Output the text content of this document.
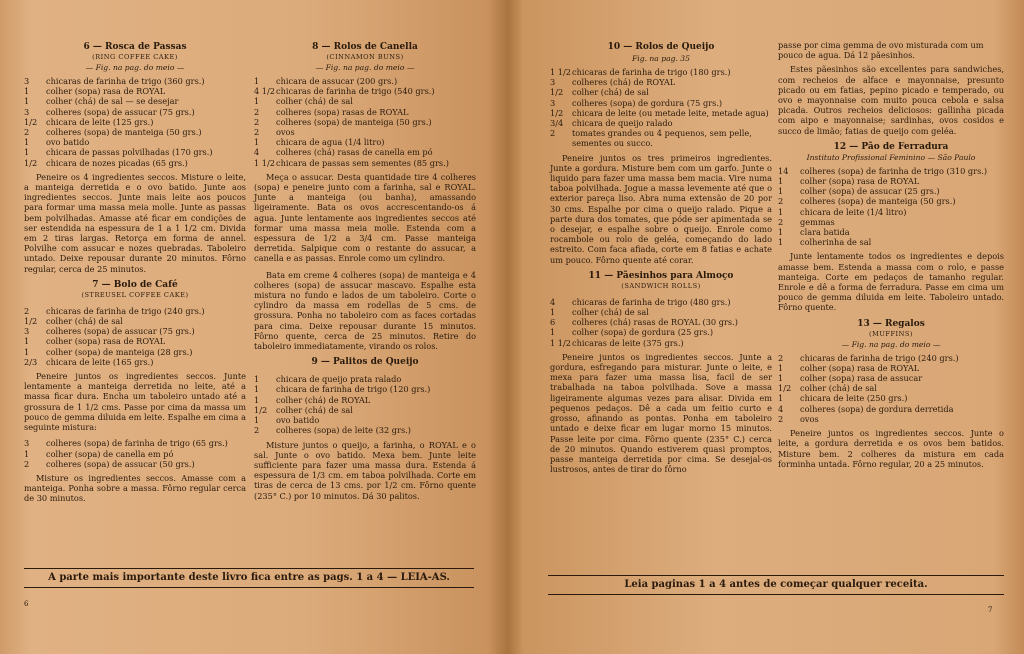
6 — Rosca de Passas
(RING COFFEE CAKE)
— Fig. na pag. do meio —
3	chicaras de farinha de trigo (360 grs.)
1	colher (sopa) rasa de ROYAL
1	colher (chá) de sal — se desejar
3	colheres (sopa) de assucar (75 grs.)
1/2	chicara de leite (125 grs.)
2	colheres (sopa) de manteiga (50 grs.)
1	ovo batido
1	chicara de passas polvilhadas (170 grs.)
1/2	chicara de nozes picadas (65 grs.)
Peneire os 4 ingredientes seccos. Misture o leite, a manteiga derretida e o ovo batido. Junte aos ingredientes seccos. Junte mais leite aos poucos para formar uma massa meia molle. Junte as passas bem polvilhadas. Amasse até ficar em condições de ser estendida na espessura de 1 a 1 1/2 cm. Divida em 2 tiras largas. Retorça em forma de annel. Polvilhe com assucar e nozes quebradas. Taboleiro untado. Deixe repousar durante 20 minutos. Fôrno regular, cerca de 25 minutos.
7 — Bolo de Café
(STREUSEL COFFEE CAKE)
2	chicaras de farinha de trigo (240 grs.)
1/2	colher (chá) de sal
3	colheres (sopa) de assucar (75 grs.)
1	colher (sopa) rasa de ROYAL
1	colher (sopa) de manteiga (28 grs.)
2/3	chicara de leite (165 grs.)
Peneire juntos os ingredientes seccos. Junte lentamente a manteiga derretida no leite, até a massa ficar dura. Encha um taboleiro untado até a grossura de 1 1/2 cms. Passe por cima da massa um pouco de gemma diluida em leite. Espalhe em cima a seguinte mistura:
3	colheres (sopa) de farinha de trigo (65 grs.)
1	colher (sopa) de canella em pó
2	colheres (sopa) de assucar (50 grs.)
Misture os ingredientes seccos. Amasse com a manteiga. Ponha sobre a massa. Fôrno regular cerca de 30 minutos.
8 — Rolos de Canella
(CINNAMON BUNS)
— Fig. na pag. do meio —
1	chicara de assucar (200 grs.)
4 1/2 chicaras de farinha de trigo (540 grs.)
1	colher (chá) de sal
2	colheres (sopa) rasas de ROYAL
2	colheres (sopa) de manteiga (50 grs.)
2	ovos
1	chicara de agua (1/4 litro)
4	colheres (chá) rasas de canella em pó
1 1/2 chicara de passas sem sementes (85 grs.)
Meça o assucar. Desta quantidade tire 4 colheres (sopa) e peneire junto com a farinha, sal e ROYAL. Junte a manteiga (ou banha), amassando ligeiramente. Bata os ovos accrescentando-os á agua. Junte lentamente aos ingredientes seccos até formar uma massa meia molle. Estenda com a espessura de 1/2 a 3/4 cm. Passe manteiga derretida. Salpique com o restante do assucar, a canella e as passas. Enrole como um cylindro.
Bata em creme 4 colheres (sopa) de manteiga e 4 colheres (sopa) de assucar mascavo. Espalhe esta mistura no fundo e lados de um taboleiro. Corte o cylindro da massa em rodellas de 5 cms. de grossura. Ponha no taboleiro com as faces cortadas para cima. Deixe repousar durante 15 minutos. Fôrno quente, cerca de 25 minutos. Retire do taboleiro immediatamente, virando os rolos.
9 — Palitos de Queijo
1	chicara de queijo prata ralado
1	chicara de farinha de trigo (120 grs.)
1	colher (chá) de ROYAL
1/2	colher (chá) de sal
1	ovo batido
2	colheres (sopa) de leite (32 grs.)
Misture juntos o queijo, a farinha, o ROYAL e o sal. Junte o ovo batido. Mexa bem. Junte leite sufficiente para fazer uma massa dura. Estenda á espessura de 1/3 cm. em taboa polvilhada. Corte em tiras de cerca de 13 cms. por 1/2 cm. Fôrno quente (235° C.) por 10 minutos. Dá 30 palitos.
A parte mais importante deste livro fica entre as pags. 1 a 4 — LEIA-AS.
6
10 — Rolos de Queijo
Fig. na pag. 35
1 1/2 chicaras de farinha de trigo (180 grs.)
3	colheres (chá) de ROYAL
1/2	colher (chá) de sal
3	colheres (sopa) de gordura (75 grs.)
1/2	chicara de leite (ou metade leite, metade agua)
3/4	chicara de queijo ralado
2	tomates grandes ou 4 pequenos, sem pelle, sementes ou succo.
Peneire juntos os tres primeiros ingredientes. Junte a gordura. Misture bem com um garfo. Junte o liquido para fazer uma massa bem macia. Vire numa taboa polvilhada. Jogue a massa levemente até que o exterior pareça liso. Abra numa extensão de 20 por 30 cms. Espalhe por cima o queijo ralado. Pique a parte dura dos tomates, que póde ser apimentada se o desejar, e espalhe sobre o queijo. Enrole como rocambole ou rolo de geléa, começando do lado estreito. Com faca afiada, corte em 8 fatias e achate um pouco. Fôrno quente até corar.
11 — Pãesinhos para Almoço
(SANDWICH ROLLS)
4	chicaras de farinha de trigo (480 grs.)
1	colher (chá) de sal
6	colheres (chá) rasas de ROYAL (30 grs.)
1	colher (sopa) de gordura (25 grs.)
1 1/2 chicaras de leite (375 grs.)
Peneire juntos os ingredientes seccos. Junte a gordura, esfregando para misturar. Junte o leite, e mexa para fazer uma massa lisa, facil de ser trabalhada na taboa polvilhada. Sove a massa ligeiramente algumas vezes para alisar. Divida em pequenos pedaços. Dê a cada um feitio curto e grosso, afinando as pontas. Ponha em taboleiro untado e deixe ficar em lugar morno 15 minutos. Passe leite por cima. Fôrno quente (235° C.) cerca de 20 minutos. Quando estiverem quasi promptos, passe manteiga derretida por cima. Se desejal-os lustrosos, antes de tirar do fôrno
passe por cima gemma de ovo misturada com um pouco de agua. Dá 12 pãesinhos.
Estes pãesinhos são excellentes para sandwiches, com recheios de alface e mayonnaise, presunto picado ou em fatias, pepino picado e temperado, ou ovo e mayonnaise com muito pouca cebola e salsa picada. Outros recheios deliciosos: gallinha picada com aipo e mayonnaise; sardinhas, ovos cosidos e succo de limão; fatias de queijo com geléa.
12 — Pão de Ferradura
Instituto Profissional Feminino — São Paulo
14	colheres (sopa) de farinha de trigo (310 grs.)
1	colher (sopa) rasa de ROYAL
1	colher (sopa) de assucar (25 grs.)
2	colheres (sopa) de manteiga (50 grs.)
1	chicara de leite (1/4 litro)
2	gemmas
1	clara batida
1	colherinha de sal
Junte lentamente todos os ingredientes e depois amasse bem. Estenda a massa com o rolo, e passe manteiga. Corte em pedaços de tamanho regular. Enrole e dê a forma de ferradura. Passe em cima um pouco de gemma diluida em leite. Taboleiro untado. Fôrno quente.
13 — Regalos
(MUFFINS)
— Fig. na pag. do meio —
2	chicaras de farinha de trigo (240 grs.)
1	colher (sopa) rasa de ROYAL
1	colher (sopa) rasa de assucar
1/2	colher (chá) de sal
1	chicara de leite (250 grs.)
4	colheres (sopa) de gordura derretida
2	ovos
Peneire juntos os ingredientes seccos. Junte o leite, a gordura derretida e os ovos bem batidos. Misture bem. 2 colheres da mistura em cada forminha untada. Fôrno regular, 20 a 25 minutos.
Leia paginas 1 a 4 antes de começar qualquer receita.
7
